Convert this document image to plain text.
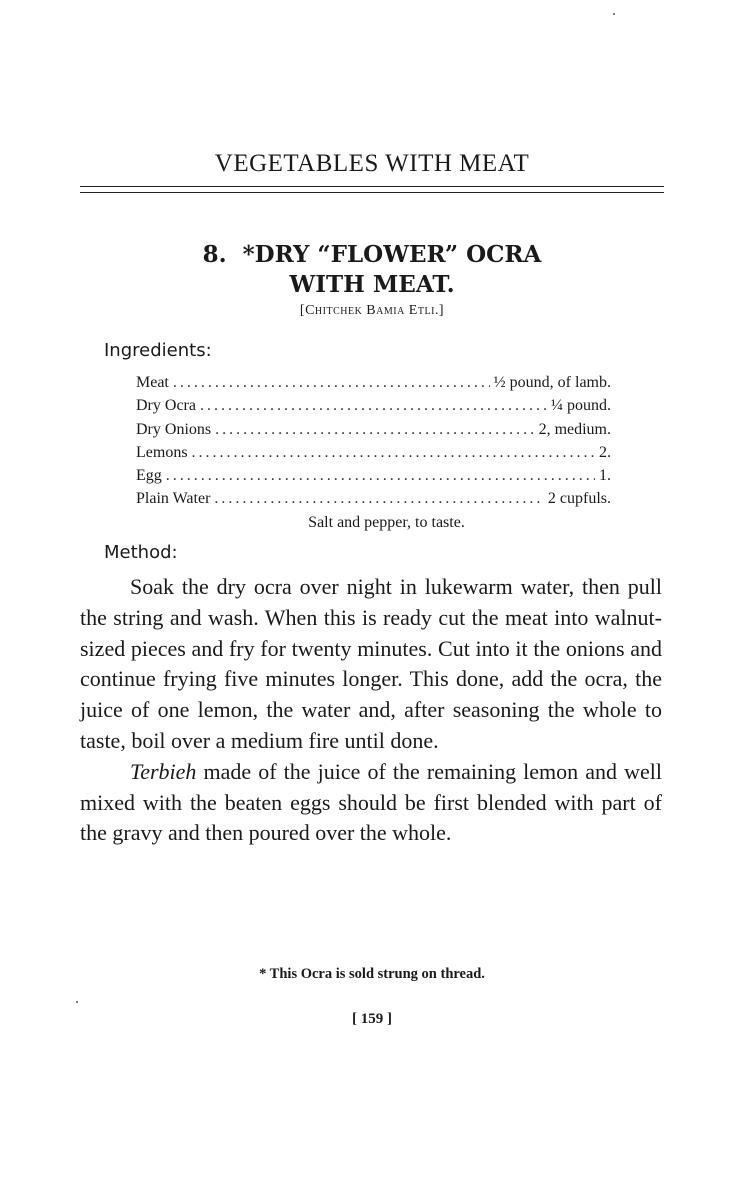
VEGETABLES WITH MEAT
8.  *DRY “FLOWER” OCRA
WITH MEAT.
[Chitchek Bamia Etli.]
Ingredients:
Meat .....	½ pound, of lamb.
Dry Ocra .....	¼ pound.
Dry Onions .....	2, medium.
Lemons .....	2.
Egg .....	1.
Plain Water .....	2 cupfuls.
Salt and pepper, to taste.
Method:

Soak the dry ocra over night in lukewarm water, then pull the string and wash. When this is ready cut the meat into walnut-sized pieces and fry for twenty minutes. Cut into it the onions and continue frying five minutes longer. This done, add the ocra, the juice of one lemon, the water and, after seasoning the whole to taste, boil over a medium fire until done.

Terbieh made of the juice of the remaining lemon and well mixed with the beaten eggs should be first blended with part of the gravy and then poured over the whole.

* This Ocra is sold strung on thread.
[ 159 ]
